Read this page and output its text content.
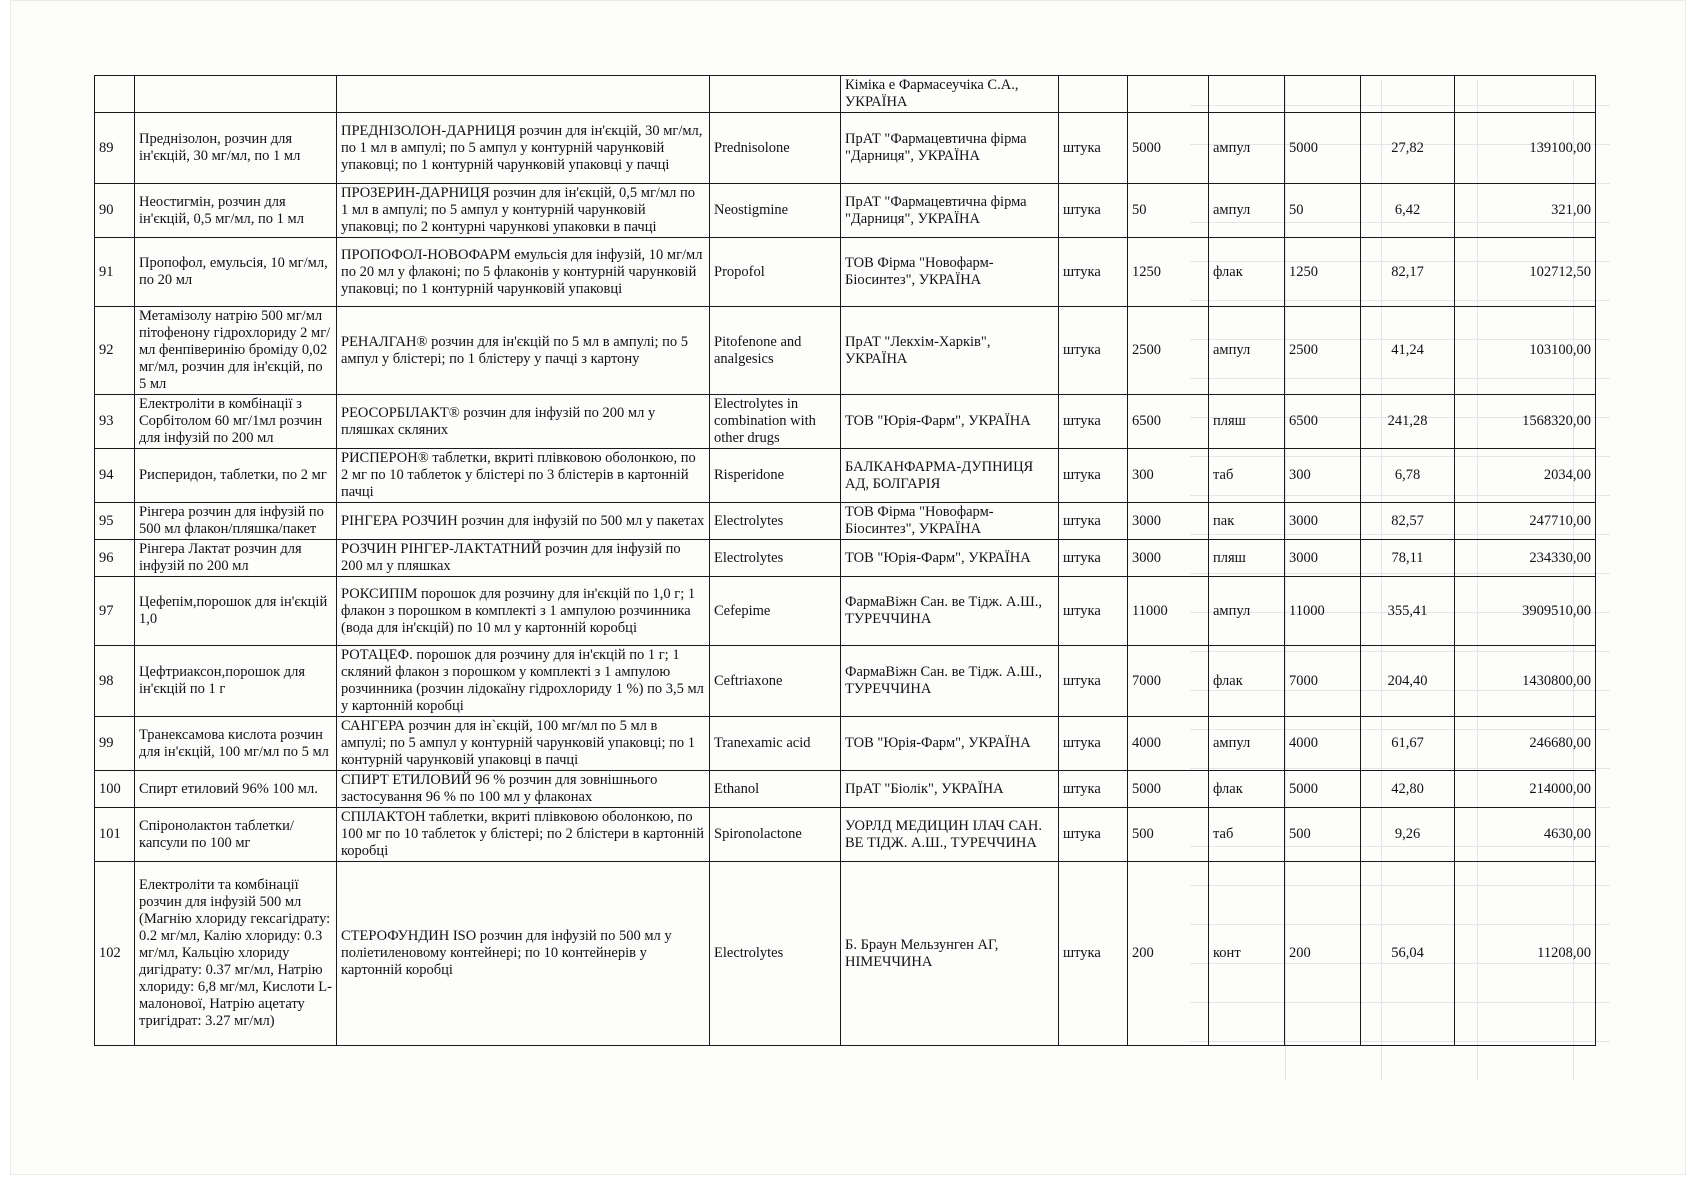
				Кіміка е Фармасеучіка С.А., УКРАЇНА						
89	Преднізолон, розчин для ін'єкцій, 30 мг/мл, по 1 мл	ПРЕДНІЗОЛОН-ДАРНИЦЯ розчин для ін'єкцій, 30 мг/мл, по 1 мл в ампулі; по 5 ампул у контурній чарунковій упаковці; по 1 контурній чарунковій упаковці у пачці	Prednisolone	ПрАТ "Фармацевтична фірма "Дарниця", УКРАЇНА	штука	5000	ампул	5000	27,82	139100,00
90	Неостигмін, розчин для ін'єкцій, 0,5 мг/мл, по 1 мл	ПРОЗЕРИН-ДАРНИЦЯ розчин для ін'єкцій, 0,5 мг/мл по 1 мл в ампулі; по 5 ампул у контурній чарунковій упаковці; по 2 контурні чарункові упаковки в пачці	Neostigmine	ПрАТ "Фармацевтична фірма "Дарниця", УКРАЇНА	штука	50	ампул	50	6,42	321,00
91	Пропофол, емульсія, 10 мг/мл, по 20 мл	ПРОПОФОЛ-НОВОФАРМ емульсія для інфузій, 10 мг/мл по 20 мл у флаконі; по 5 флаконів у контурній чарунковій упаковці; по 1 контурній чарунковій упаковці	Propofol	ТОВ Фірма "Новофарм-Біосинтез", УКРАЇНА	штука	1250	флак	1250	82,17	102712,50
92	Метамізолу натрію 500 мг/мл пітофенону гідрохлориду 2 мг/мл фенпіверинію броміду 0,02 мг/мл, розчин для ін'єкцій, по 5 мл	РЕНАЛГАН® розчин для ін'єкцій по 5 мл в ампулі; по 5 ампул у блістері; по 1 блістеру у пачці з картону	Pitofenone and analgesics	ПрАТ "Лекхім-Харків", УКРАЇНА	штука	2500	ампул	2500	41,24	103100,00
93	Електроліти в комбінації з Сорбітолом 60 мг/1мл розчин для інфузій по 200 мл	РЕОСОРБІЛАКТ® розчин для інфузій по 200 мл у пляшках скляних	Electrolytes in combination with other drugs	ТОВ "Юрія-Фарм", УКРАЇНА	штука	6500	пляш	6500	241,28	1568320,00
94	Рисперидон, таблетки, по 2 мг	РИСПЕРОН® таблетки, вкриті плівковою оболонкою, по 2 мг по 10 таблеток у блістері по 3 блістерів в картонній пачці	Risperidone	БАЛКАНФАРМА-ДУПНИЦЯ АД, БОЛГАРІЯ	штука	300	таб	300	6,78	2034,00
95	Рінгера розчин для інфузій по 500 мл флакон/пляшка/пакет	РІНГЕРА РОЗЧИН розчин для інфузій по 500 мл у пакетах	Electrolytes	ТОВ Фірма "Новофарм-Біосинтез", УКРАЇНА	штука	3000	пак	3000	82,57	247710,00
96	Рінгера Лактат розчин для інфузій по 200 мл	РОЗЧИН РІНГЕР-ЛАКТАТНИЙ розчин для інфузій по 200 мл у пляшках	Electrolytes	ТОВ "Юрія-Фарм", УКРАЇНА	штука	3000	пляш	3000	78,11	234330,00
97	Цефепім,порошок для ін'єкцій 1,0	РОКСИПІМ порошок для розчину для ін'єкцій по 1,0 г; 1 флакон з порошком в комплекті з 1 ампулою розчинника (вода для ін'єкцій) по 10 мл у картонній коробці	Cefepime	ФармаВіжн Сан. ве Тідж. А.Ш., ТУРЕЧЧИНА	штука	11000	ампул	11000	355,41	3909510,00
98	Цефтриаксон,порошок для ін'єкцій по 1 г	РОТАЦЕФ. порошок для розчину для ін'єкцій по 1 г; 1 скляний флакон з порошком у комплекті з 1 ампулою розчинника (розчин лідокаїну гідрохлориду 1 %) по 3,5 мл у картонній коробці	Ceftriaxone	ФармаВіжн Сан. ве Тідж. А.Ш., ТУРЕЧЧИНА	штука	7000	флак	7000	204,40	1430800,00
99	Транексамова кислота розчин для ін'єкцій, 100 мг/мл по 5 мл	САНГЕРА розчин для ін`єкцій, 100 мг/мл по 5 мл в ампулі; по 5 ампул у контурній чарунковій упаковці; по 1 контурній чарунковій упаковці в пачці	Tranexamic acid	ТОВ "Юрія-Фарм", УКРАЇНА	штука	4000	ампул	4000	61,67	246680,00
100	Спирт етиловий 96% 100 мл.	СПИРТ ЕТИЛОВИЙ 96 % розчин для зовнішнього застосування 96 % по 100 мл у флаконах	Ethanol	ПрАТ "Біолік", УКРАЇНА	штука	5000	флак	5000	42,80	214000,00
101	Спіронолактон таблетки/капсули по 100 мг	СПІЛАКТОН таблетки, вкриті плівковою оболонкою, по 100 мг по 10 таблеток у блістері; по 2 блістери в картонній коробці	Spironolactone	УОРЛД МЕДИЦИН ІЛАЧ САН. ВЕ ТІДЖ. А.Ш., ТУРЕЧЧИНА	штука	500	таб	500	9,26	4630,00
102	Електроліти та комбінації розчин для інфузій 500 мл (Магнію хлориду гексагідрату: 0.2 мг/мл, Калію хлориду: 0.3 мг/мл, Кальцію хлориду дигідрату: 0.37 мг/мл, Натрію хлориду: 6,8 мг/мл, Кислоти L-малонової, Натрію ацетату тригідрат: 3.27 мг/мл)	СТЕРОФУНДИН ISO розчин для інфузій по 500 мл у поліетиленовому контейнері; по 10 контейнерів у картонній коробці	Electrolytes	Б. Браун Мельзунген АГ, НІМЕЧЧИНА	штука	200	конт	200	56,04	11208,00
